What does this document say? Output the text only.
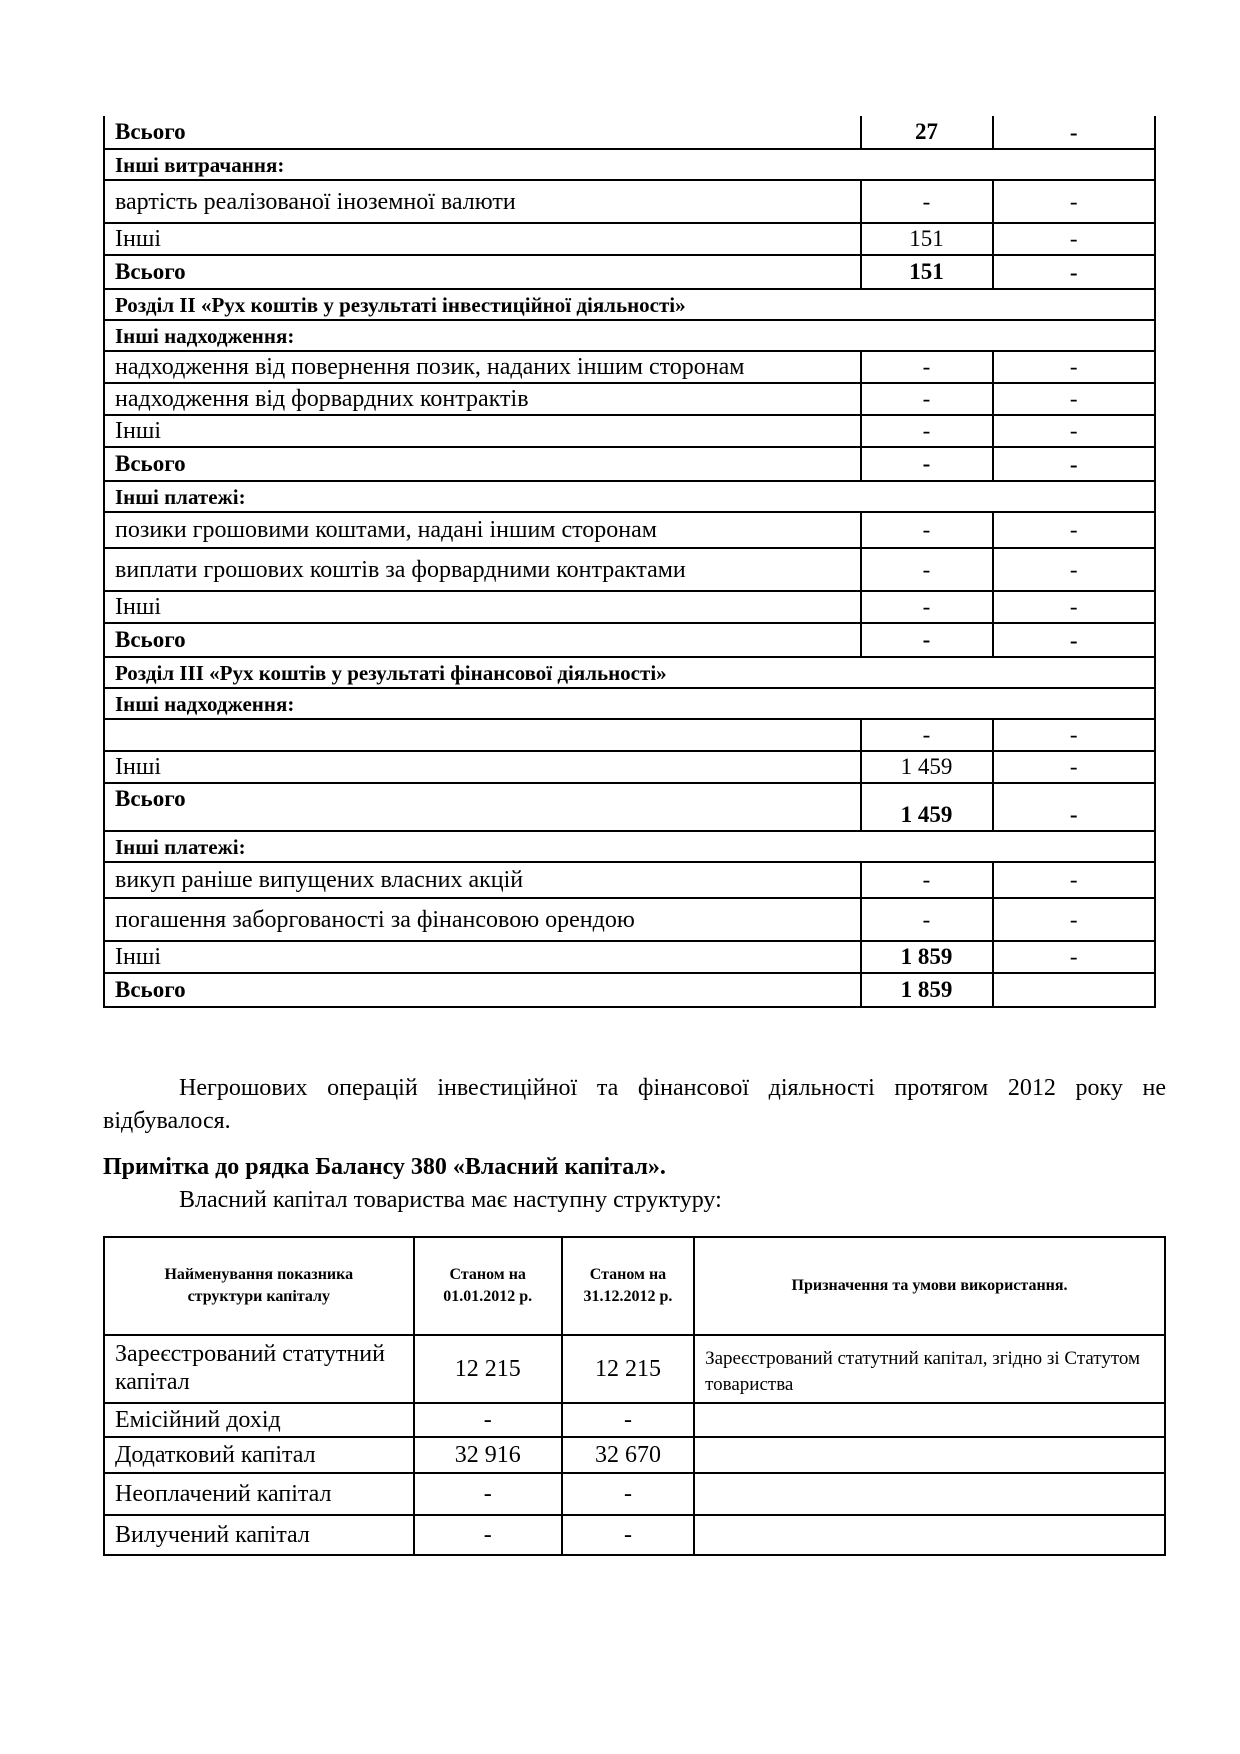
Всього	27	-
Інші витрачання:		
вартість реалізованої іноземної валюти	-	-
Інші	151	-
Всього	151	-
Розділ ІІ «Рух коштів у результаті інвестиційної діяльності»		
Інші надходження:		
надходження від повернення позик, наданих іншим сторонам	-	-
надходження від форвардних контрактів	-	-
Інші	-	-
Всього	-	-
Інші платежі:		
позики грошовими коштами, надані іншим сторонам	-	-
виплати грошових коштів за форвардними контрактами	-	-
Інші	-	-
Всього	-	-
Розділ ІІІ «Рух коштів у результаті фінансової діяльності»		
Інші надходження:		
	-	-
Інші	1 459	-
Всього	1 459	-
Інші платежі:		
викуп раніше випущених власних акцій	-	-
погашення заборгованості за фінансовою орендою	-	-
Інші	1 859	-
Всього	1 859	

Негрошових операцій інвестиційної та фінансової діяльності протягом 2012 року не відбувалося.

Примітка до рядка Балансу 380 «Власний капітал».
Власний капітал товариства має наступну структуру:
Найменування показника структури капіталу	Станом на 01.01.2012 р.	Станом на 31.12.2012 р.	Призначення та умови використання.
Зареєстрований статутний капітал	12 215	12 215	Зареєстрований статутний капітал, згідно зі Статутом товариства
Емісійний дохід	-	-	
Додатковий капітал	32 916	32 670	
Неоплачений капітал	-	-	
Вилучений капітал	-	-	
